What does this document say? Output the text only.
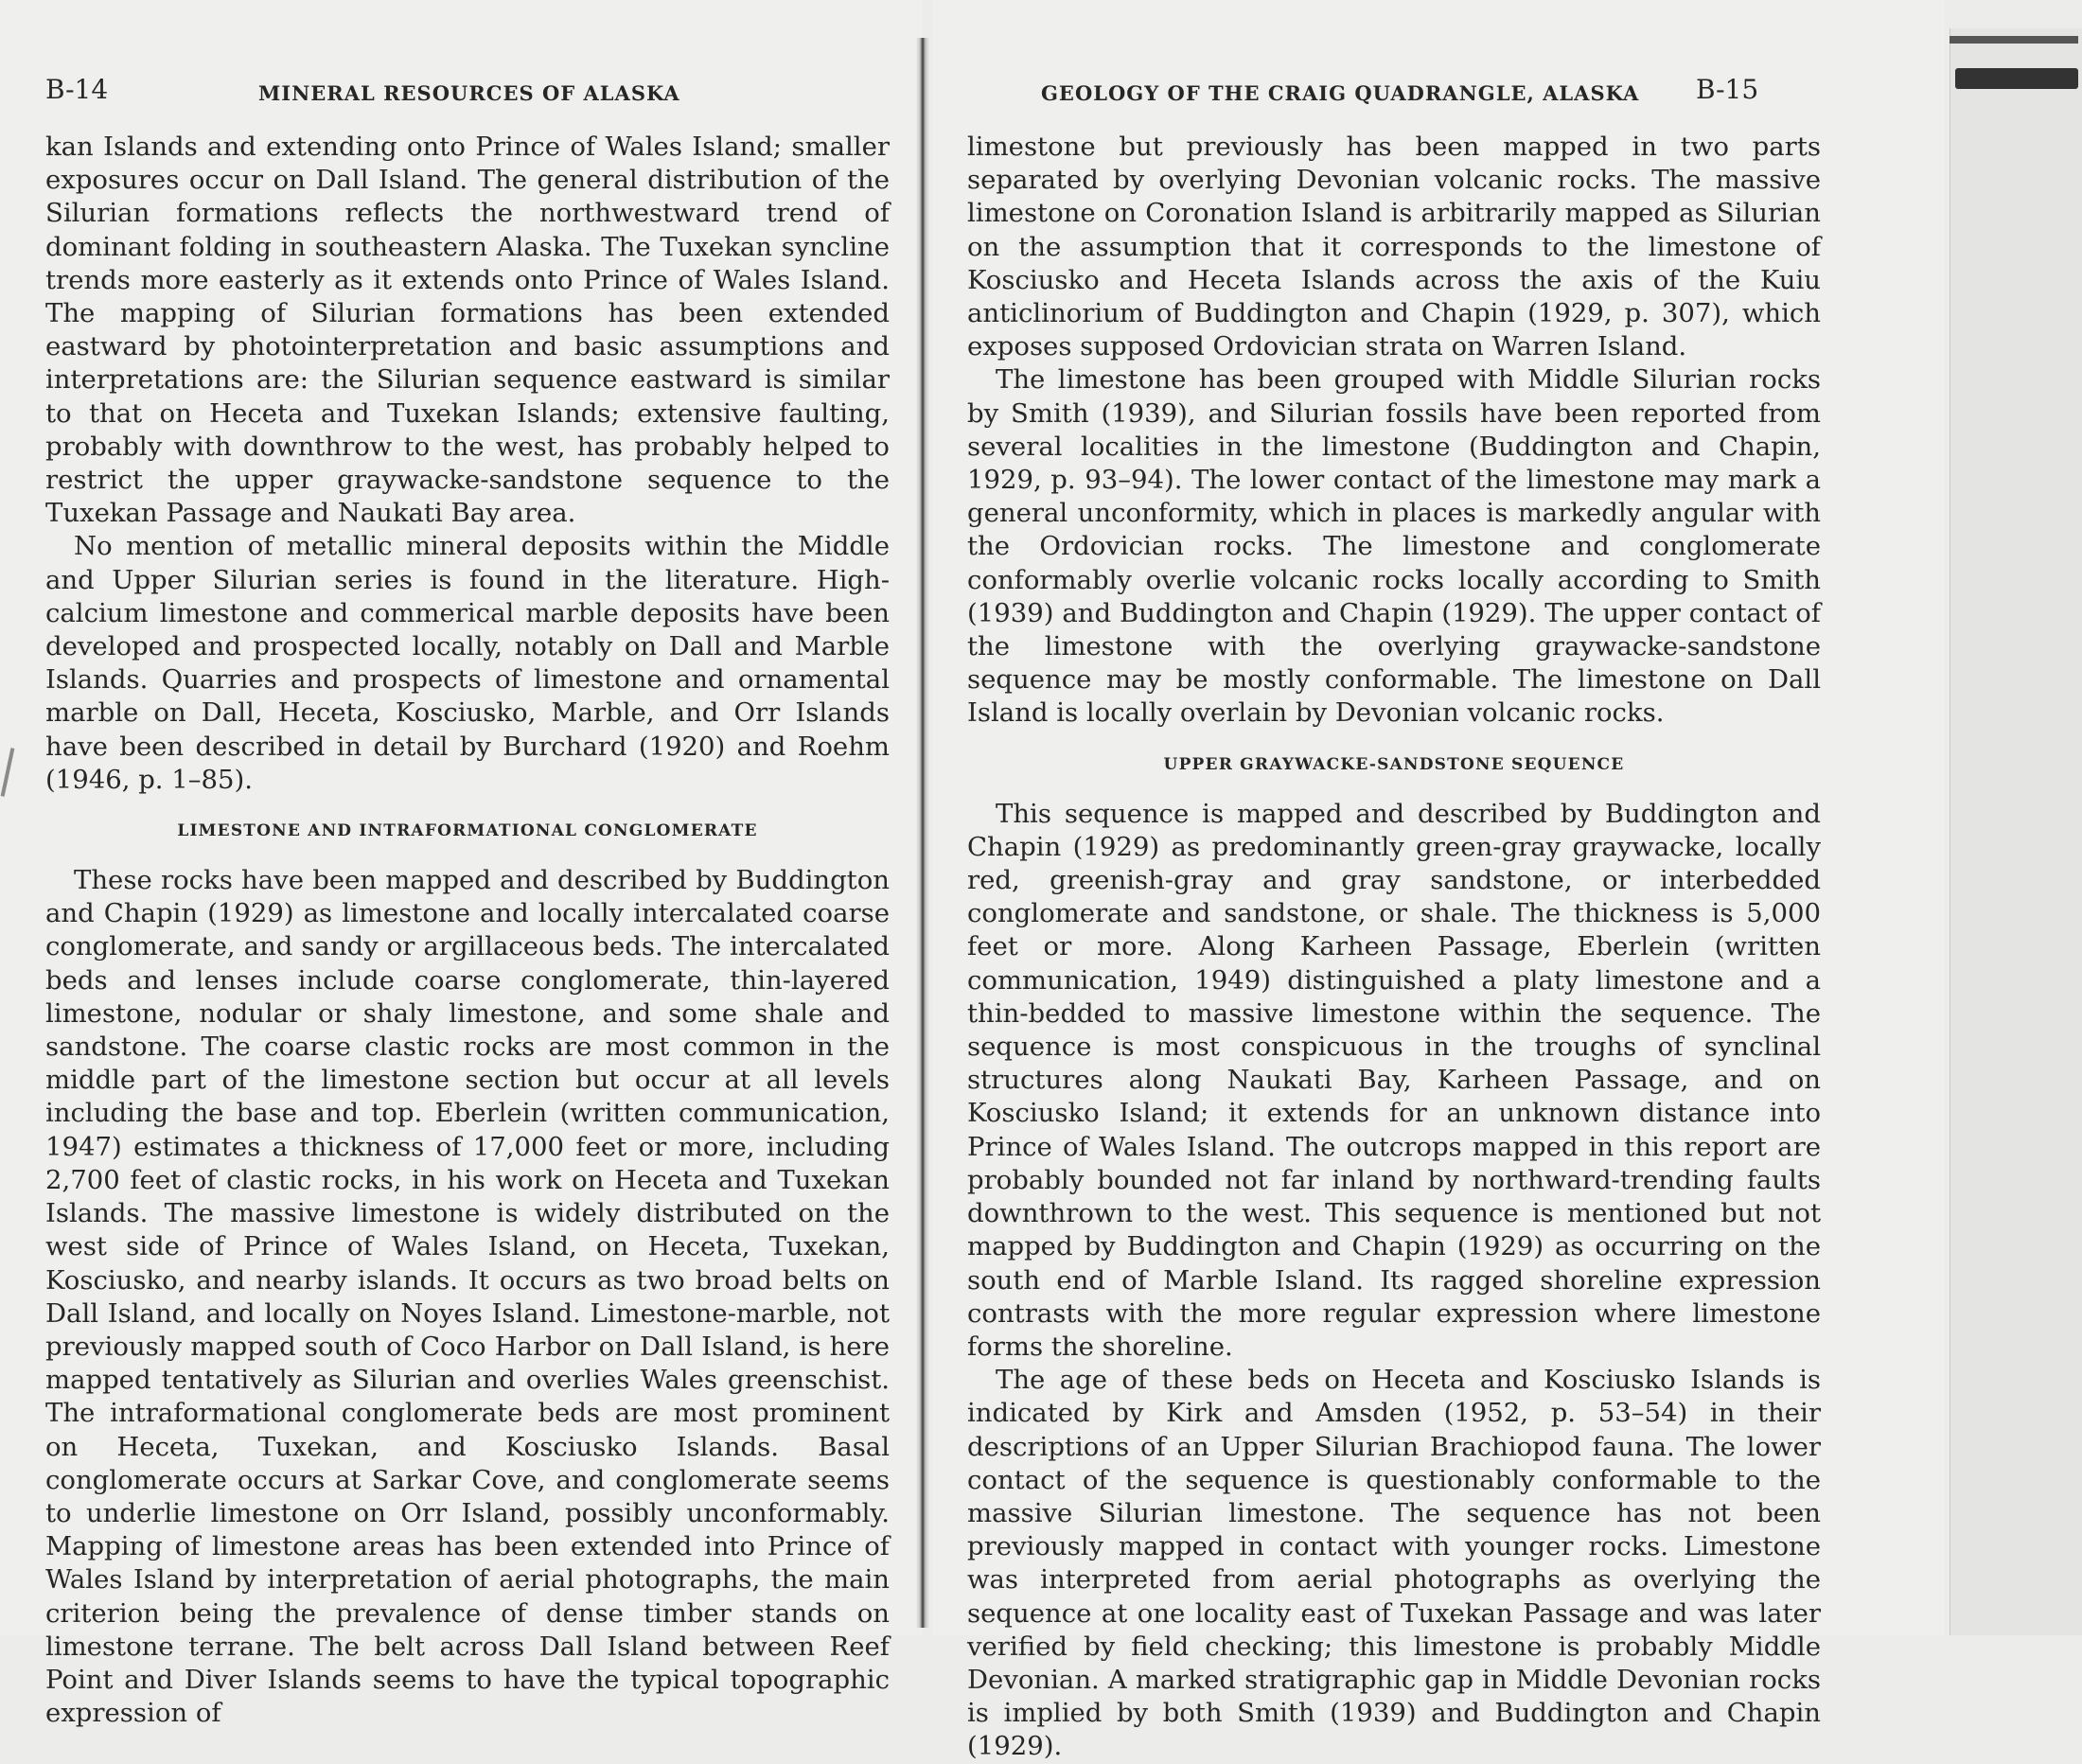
B-14	MINERAL RESOURCES OF ALASKA	GEOLOGY OF THE CRAIG QUADRANGLE, ALASKA B-15

kan Islands and extending onto Prince of Wales Island; smaller exposures occur on Dall Island. The general distribution of the Silurian formations reflects the northwestward trend of dominant folding in southeastern Alaska. The Tuxekan syncline trends more easterly as it extends onto Prince of Wales Island. The mapping of Silurian formations has been extended eastward by photointerpretation and basic assumptions and interpretations are: the Silurian sequence eastward is similar to that on Heceta and Tuxekan Islands; extensive faulting, probably with downthrow to the west, has probably helped to restrict the upper graywacke-sandstone sequence to the Tuxekan Passage and Naukati Bay area.

No mention of metallic mineral deposits within the Middle and Upper Silurian series is found in the literature. High-calcium limestone and commerical marble deposits have been developed and prospected locally, notably on Dall and Marble Islands. Quarries and prospects of limestone and ornamental marble on Dall, Heceta, Kosciusko, Marble, and Orr Islands have been described in detail by Burchard (1920) and Roehm (1946, p. 1–85).

LIMESTONE AND INTRAFORMATIONAL CONGLOMERATE

These rocks have been mapped and described by Buddington and Chapin (1929) as limestone and locally intercalated coarse conglomerate, and sandy or argillaceous beds. The intercalated beds and lenses include coarse conglomerate, thin-layered limestone, nodular or shaly limestone, and some shale and sandstone. The coarse clastic rocks are most common in the middle part of the limestone section but occur at all levels including the base and top. Eberlein (written communication, 1947) estimates a thickness of 17,000 feet or more, including 2,700 feet of clastic rocks, in his work on Heceta and Tuxekan Islands. The massive limestone is widely distributed on the west side of Prince of Wales Island, on Heceta, Tuxekan, Kosciusko, and nearby islands. It occurs as two broad belts on Dall Island, and locally on Noyes Island. Limestone-marble, not previously mapped south of Coco Harbor on Dall Island, is here mapped tentatively as Silurian and overlies Wales greenschist. The intraformational conglomerate beds are most prominent on Heceta, Tuxekan, and Kosciusko Islands. Basal conglomerate occurs at Sarkar Cove, and conglomerate seems to underlie limestone on Orr Island, possibly unconformably. Mapping of limestone areas has been extended into Prince of Wales Island by interpretation of aerial photographs, the main criterion being the prevalence of dense timber stands on limestone terrane. The belt across Dall Island between Reef Point and Diver Islands seems to have the typical topographic expression of

limestone but previously has been mapped in two parts separated by overlying Devonian volcanic rocks. The massive limestone on Coronation Island is arbitrarily mapped as Silurian on the assumption that it corresponds to the limestone of Kosciusko and Heceta Islands across the axis of the Kuiu anticlinorium of Buddington and Chapin (1929, p. 307), which exposes supposed Ordovician strata on Warren Island.

The limestone has been grouped with Middle Silurian rocks by Smith (1939), and Silurian fossils have been reported from several localities in the limestone (Buddington and Chapin, 1929, p. 93–94). The lower contact of the limestone may mark a general unconformity, which in places is markedly angular with the Ordovician rocks. The limestone and conglomerate conformably overlie volcanic rocks locally according to Smith (1939) and Buddington and Chapin (1929). The upper contact of the limestone with the overlying graywacke-sandstone sequence may be mostly conformable. The limestone on Dall Island is locally overlain by Devonian volcanic rocks.

UPPER GRAYWACKE-SANDSTONE SEQUENCE

This sequence is mapped and described by Buddington and Chapin (1929) as predominantly green-gray graywacke, locally red, greenish-gray and gray sandstone, or interbedded conglomerate and sandstone, or shale. The thickness is 5,000 feet or more. Along Karheen Passage, Eberlein (written communication, 1949) distinguished a platy limestone and a thin-bedded to massive limestone within the sequence. The sequence is most conspicuous in the troughs of synclinal structures along Naukati Bay, Karheen Passage, and on Kosciusko Island; it extends for an unknown distance into Prince of Wales Island. The outcrops mapped in this report are probably bounded not far inland by northward-trending faults downthrown to the west. This sequence is mentioned but not mapped by Buddington and Chapin (1929) as occurring on the south end of Marble Island. Its ragged shoreline expression contrasts with the more regular expression where limestone forms the shoreline.

The age of these beds on Heceta and Kosciusko Islands is indicated by Kirk and Amsden (1952, p. 53–54) in their descriptions of an Upper Silurian Brachiopod fauna. The lower contact of the sequence is questionably conformable to the massive Silurian limestone. The sequence has not been previously mapped in contact with younger rocks. Limestone was interpreted from aerial photographs as overlying the sequence at one locality east of Tuxekan Passage and was later verified by field checking; this limestone is probably Middle Devonian. A marked stratigraphic gap in Middle Devonian rocks is implied by both Smith (1939) and Buddington and Chapin (1929).
